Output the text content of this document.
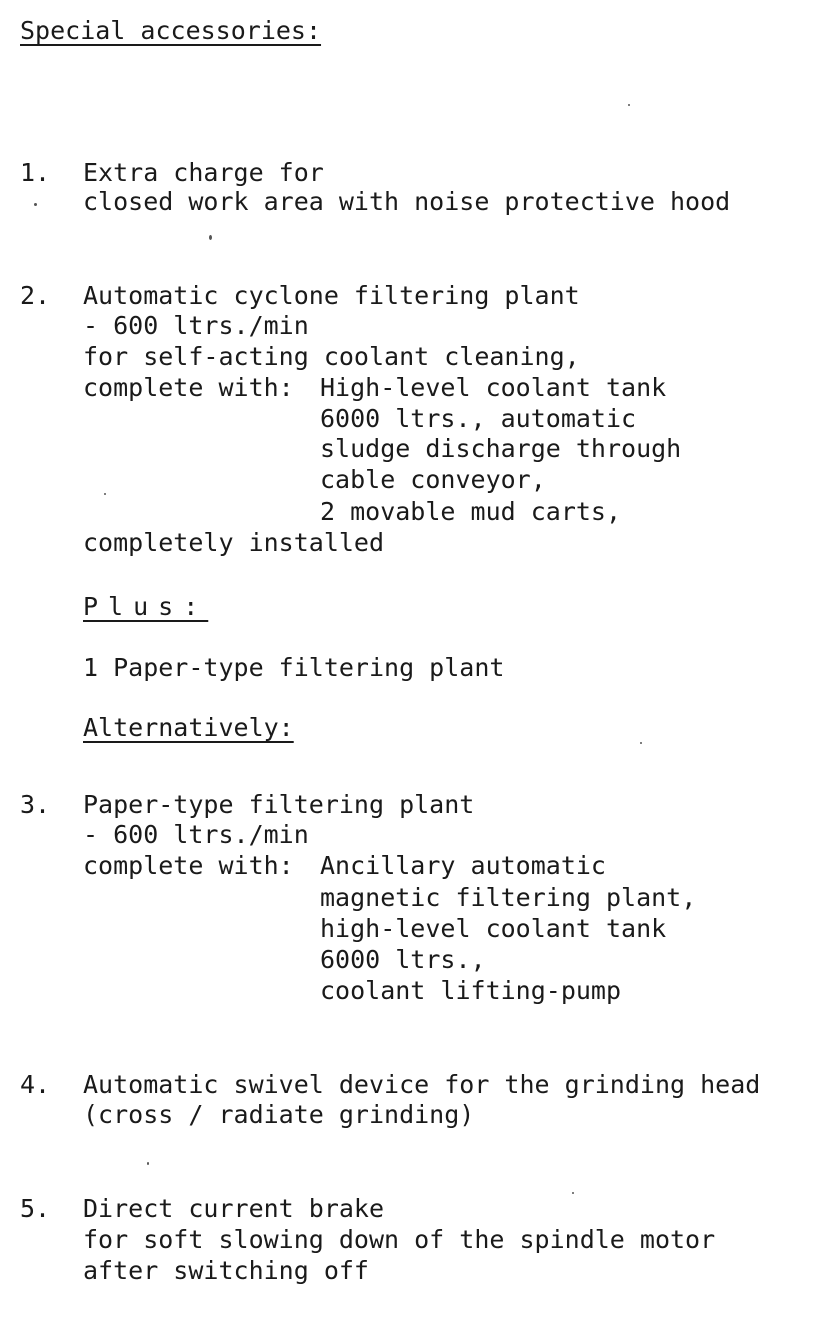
Special accessories:
1. Extra charge for
closed work area with noise protective hood
2. Automatic cyclone filtering plant
- 600 ltrs./min
for self-acting coolant cleaning,
complete with: High-level coolant tank
6000 ltrs., automatic
sludge discharge through
cable conveyor,
2 movable mud carts,
completely installed
Plus:
1 Paper-type filtering plant
Alternatively:
3. Paper-type filtering plant
- 600 ltrs./min
complete with: Ancillary automatic
magnetic filtering plant,
high-level coolant tank
6000 ltrs.,
coolant lifting-pump
4. Automatic swivel device for the grinding head
(cross / radiate grinding)
5. Direct current brake
for soft slowing down of the spindle motor
after switching off
